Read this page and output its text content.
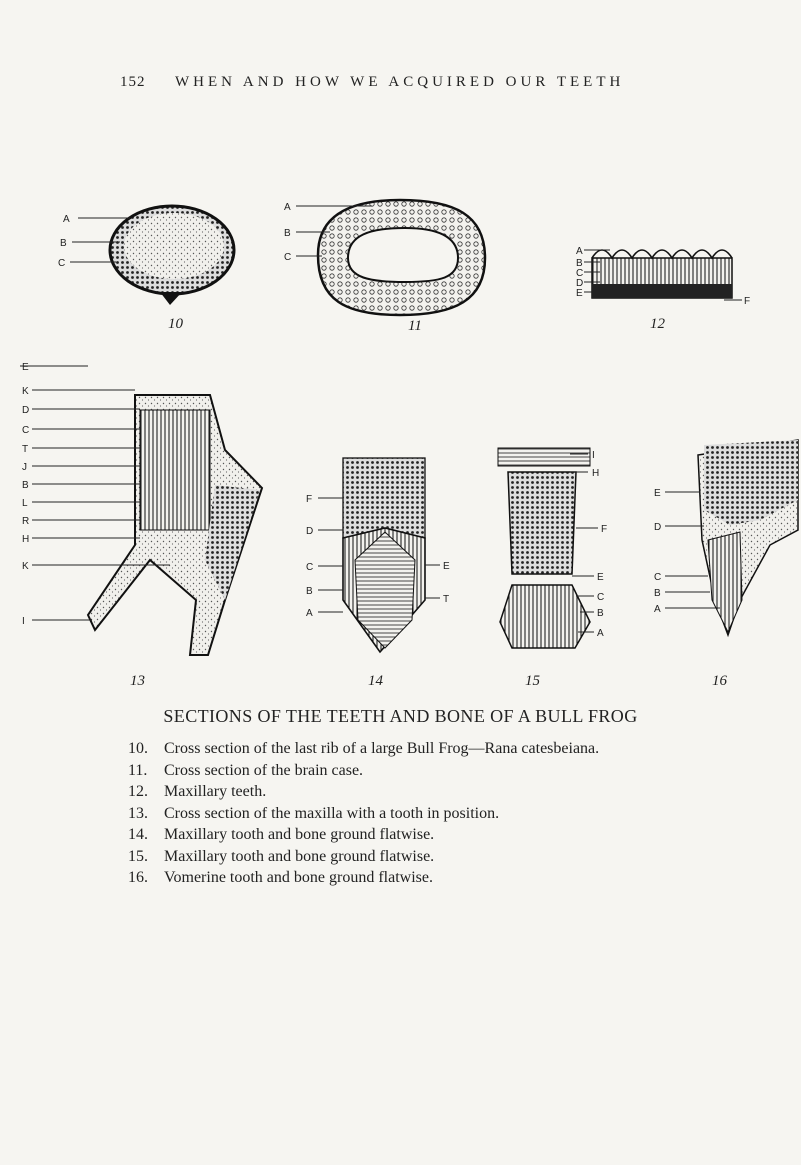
152 WHEN AND HOW WE ACQUIRED OUR TEETH
A
B
C
10
A
B
C
11
A
B
C
D
E
F
12
E
K
D
C
T
J
B
L
R
H
K
I
13
F
D
C
B
A
E
T
14
I
H
F
E
C
B
A
15
E
D
C
B
A
16
SECTIONS OF THE TEETH AND BONE OF A BULL FROG
10.	Cross section of the last rib of a large Bull Frog—Rana catesbeiana.
11.	Cross section of the brain case.
12.	Maxillary teeth.
13.	Cross section of the maxilla with a tooth in position.
14.	Maxillary tooth and bone ground flatwise.
15.	Maxillary tooth and bone ground flatwise.
16.	Vomerine tooth and bone ground flatwise.
